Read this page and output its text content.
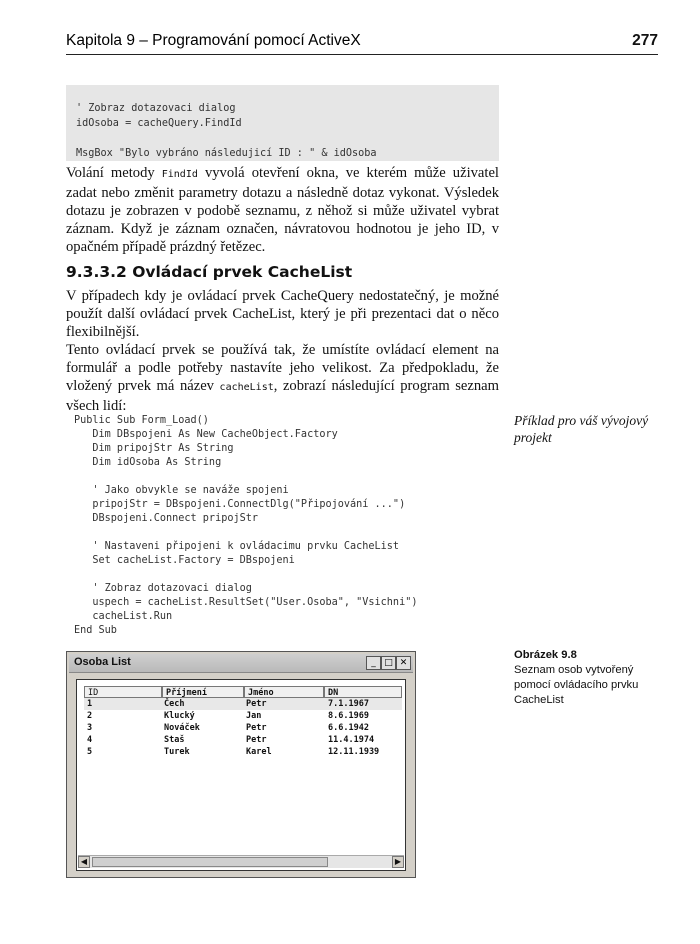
Kapitola 9 – Programování pomocí ActiveX	277
' Zobraz dotazovaci dialog
idOsoba = cacheQuery.FindId

MsgBox "Bylo vybráno následujicí ID : " & idOsoba

Volání metody FindId vyvolá otevření okna, ve kterém může uživatel zadat nebo změnit parametry dotazu a následně dotaz vykonat. Výsledek dotazu je zobrazen v podobě seznamu, z něhož si může uživatel vybrat záznam. Když je záznam označen, návratovou hodnotou je jeho ID, v opačném případě prázdný řetězec.

9.3.3.2 Ovládací prvek CacheList

V případech kdy je ovládací prvek CacheQuery nedostatečný, je možné použít další ovládací prvek CacheList, který je při prezentaci dat o něco flexibilnější.

Tento ovládací prvek se používá tak, že umístíte ovládací element na formulář a podle potřeby nastavíte jeho velikost. Za předpokladu, že vložený prvek má název cacheList, zobrazí následující program seznam všech lidí:

Public Sub Form_Load()
Dim DBspojeni As New CacheObject.Factory
Dim pripojStr As String
Dim idOsoba As String

' Jako obvykle se naváže spojeni
pripojStr = DBspojeni.ConnectDlg("Připojování ...")
DBspojeni.Connect pripojStr

' Nastaveni připojeni k ovládacimu prvku CacheList
Set cacheList.Factory = DBspojeni

' Zobraz dotazovaci dialog
uspech = cacheList.ResultSet("User.Osoba", "Vsichni")
cacheList.Run
End Sub

Příklad pro váš vývojový projekt
Osoba List	_ □ ✕
ID	Příjmení	Jméno	DN
1	Čech	Petr	7.1.1967
2	Klucký	Jan	8.6.1969
3	Nováček	Petr	6.6.1942
4	Staš	Petr	11.4.1974
5	Turek	Karel	12.11.1939
◀	▶
Obrázek 9.8
Seznam osob vytvořený pomocí ovládacího prvku CacheList
